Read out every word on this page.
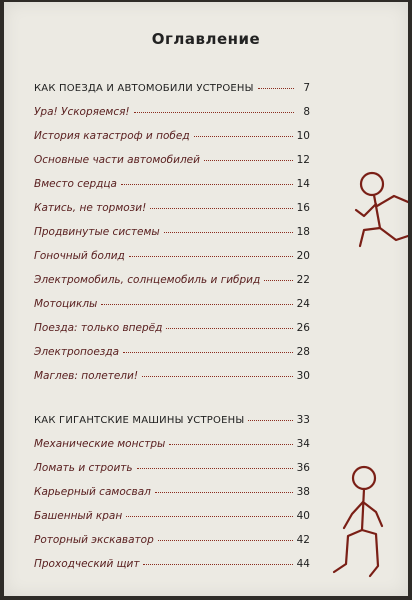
Оглавление
КАК ПОЕЗДА И АВТОМОБИЛИ УСТРОЕНЫ	7
Ура! Ускоряемся!	8
История катастроф и побед	10
Основные части автомобилей	12
Вместо сердца	14
Катись, не тормози!	16
Продвинутые системы	18
Гоночный болид	20
Электромобиль, солнцемобиль и гибрид	22
Мотоциклы	24
Поезда: только вперёд	26
Электропоезда	28
Маглев: полетели!	30
КАК ГИГАНТСКИЕ МАШИНЫ УСТРОЕНЫ	33
Механические монстры	34
Ломать и строить	36
Карьерный самосвал	38
Башенный кран	40
Роторный экскаватор	42
Проходческий щит	44
